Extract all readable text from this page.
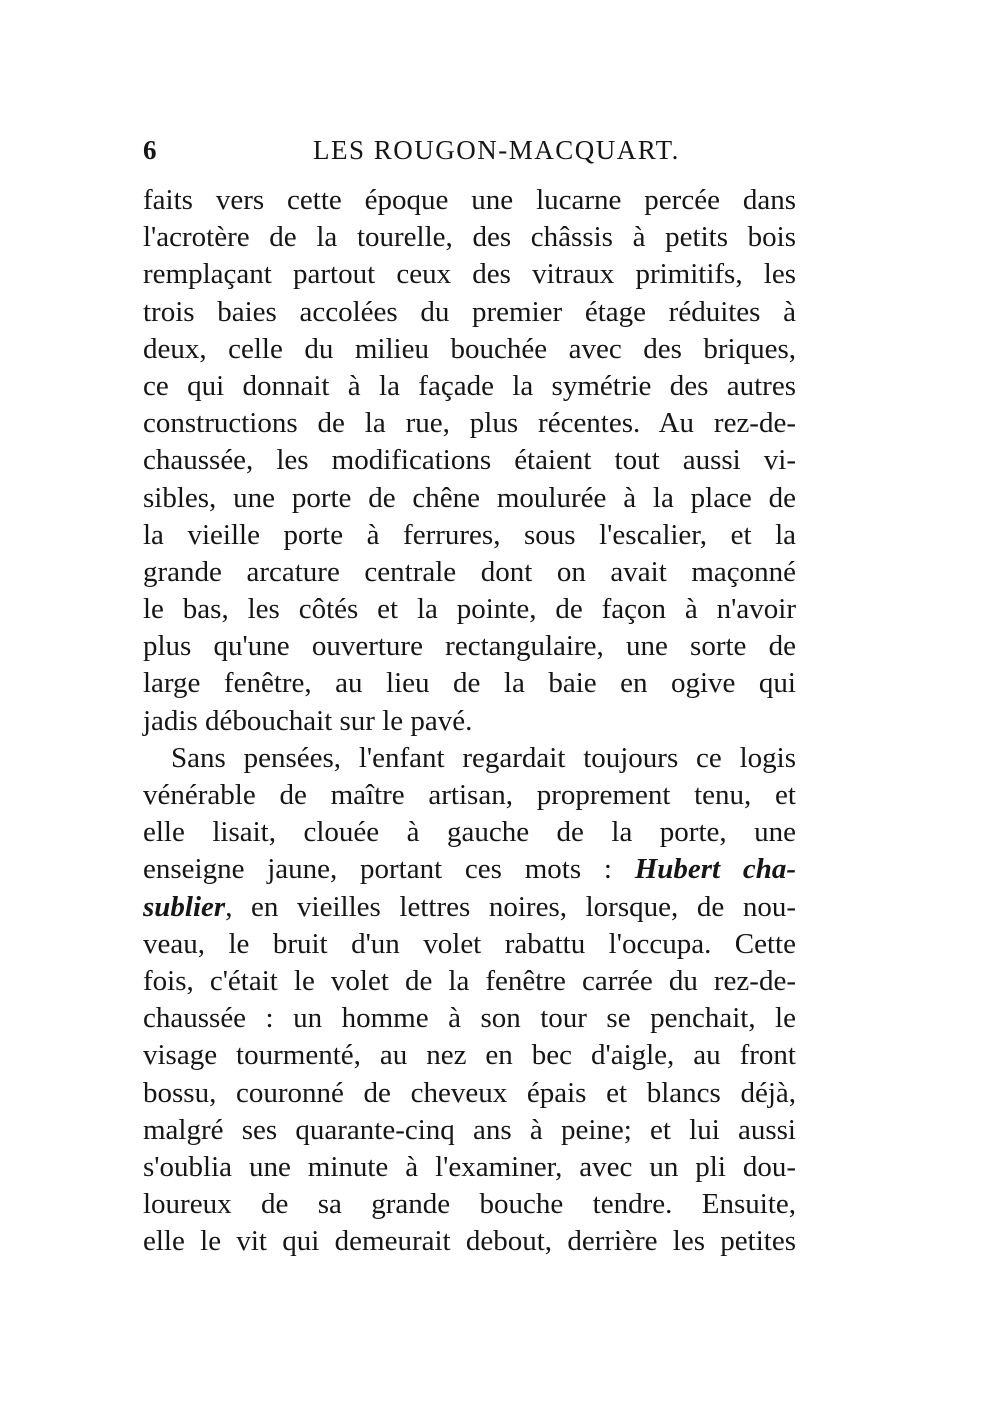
6	LES ROUGON-MACQUART.
faits vers cette époque une lucarne percée dans
l'acrotère de la tourelle, des châssis à petits bois
remplaçant partout ceux des vitraux primitifs, les
trois baies accolées du premier étage réduites à
deux, celle du milieu bouchée avec des briques,
ce qui donnait à la façade la symétrie des autres
constructions de la rue, plus récentes. Au rez-de-
chaussée, les modifications étaient tout aussi vi-
sibles, une porte de chêne moulurée à la place de
la vieille porte à ferrures, sous l'escalier, et la
grande arcature centrale dont on avait maçonné
le bas, les côtés et la pointe, de façon à n'avoir
plus qu'une ouverture rectangulaire, une sorte de
large fenêtre, au lieu de la baie en ogive qui
jadis débouchait sur le pavé.
Sans pensées, l'enfant regardait toujours ce logis
vénérable de maître artisan, proprement tenu, et
elle lisait, clouée à gauche de la porte, une
enseigne jaune, portant ces mots : Hubert cha-
sublier, en vieilles lettres noires, lorsque, de nou-
veau, le bruit d'un volet rabattu l'occupa. Cette
fois, c'était le volet de la fenêtre carrée du rez-de-
chaussée : un homme à son tour se penchait, le
visage tourmenté, au nez en bec d'aigle, au front
bossu, couronné de cheveux épais et blancs déjà,
malgré ses quarante-cinq ans à peine; et lui aussi
s'oublia une minute à l'examiner, avec un pli dou-
loureux de sa grande bouche tendre. Ensuite,
elle le vit qui demeurait debout, derrière les petites
